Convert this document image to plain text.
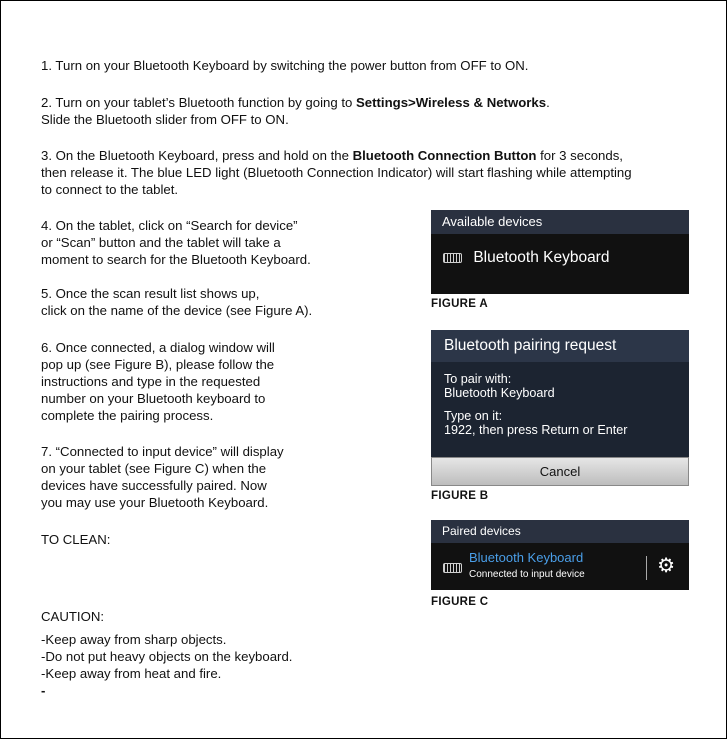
1. Turn on your Bluetooth Keyboard by switching the power button from OFF to ON.
2. Turn on your tablet’s Bluetooth function by going to Settings>Wireless & Networks.
Slide the Bluetooth slider from OFF to ON.
3. On the Bluetooth Keyboard, press and hold on the Bluetooth Connection Button for 3 seconds,
then release it. The blue LED light (Bluetooth Connection Indicator) will start flashing while attempting
to connect to the tablet.
4. On the tablet, click on “Search for device”
or “Scan” button and the tablet will take a
moment to search for the Bluetooth Keyboard.
5. Once the scan result list shows up,
click on the name of the device (see Figure A).
6. Once connected, a dialog window will
pop up (see Figure B), please follow the
instructions and type in the requested
number on your Bluetooth keyboard to
complete the pairing process.
7. “Connected to input device” will display
on your tablet (see Figure C) when the
devices have successfully paired. Now
you may use your Bluetooth Keyboard.
TO CLEAN:
CAUTION:
-Keep away from sharp objects.
-Do not put heavy objects on the keyboard.
-Keep away from heat and fire.
-
Available devices
Bluetooth Keyboard
FIGURE A
Bluetooth pairing request
To pair with:
Bluetooth Keyboard

Type on it:
1922, then press Return or Enter
Cancel
FIGURE B
Paired devices
Bluetooth Keyboard
Connected to input device	⚙
FIGURE C
